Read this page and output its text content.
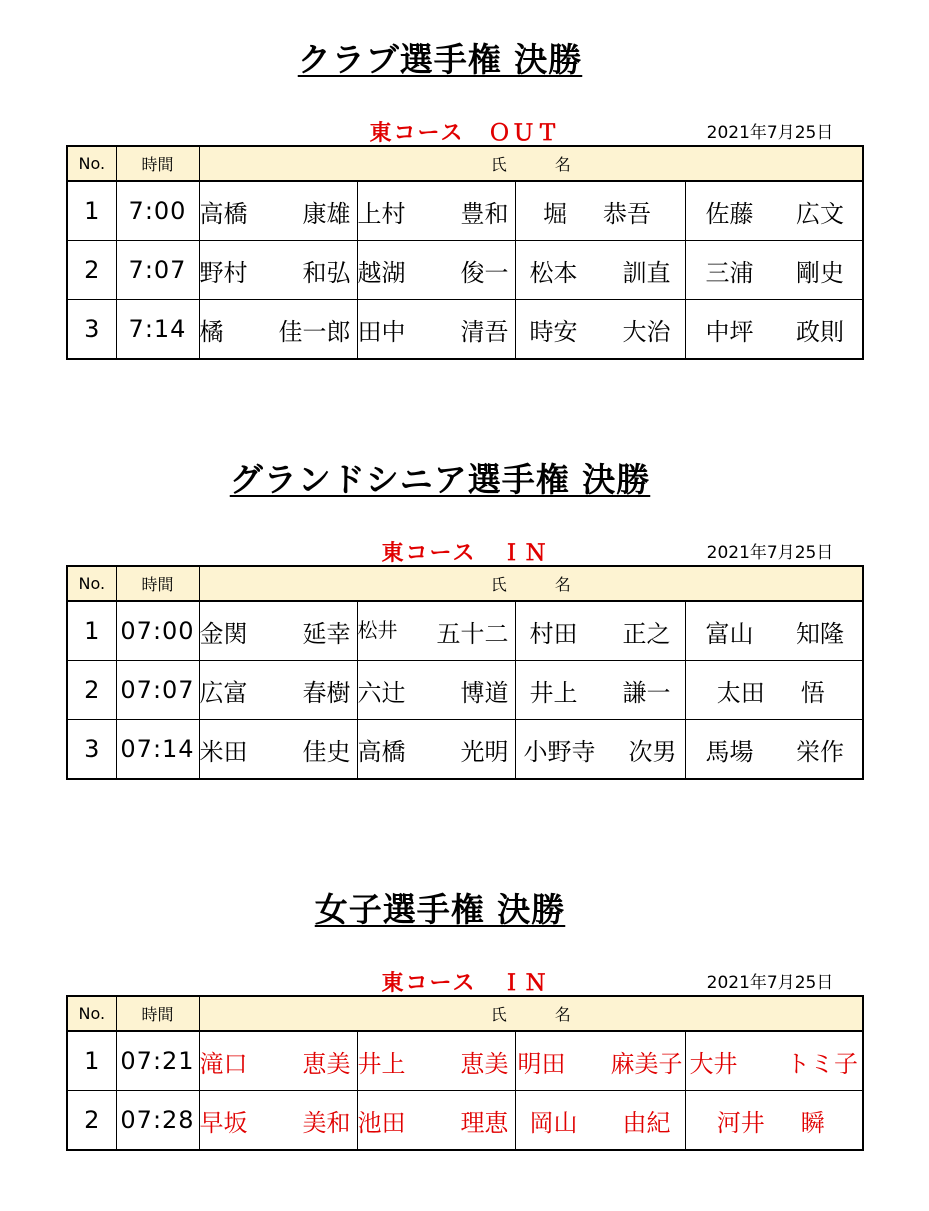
クラブ選手権 決勝
東コース　ＯＵＴ	2021年7月25日
No.	時間	氏　　　名			
1	7:00	高橋 康雄	上村 豊和	堀 恭吾	佐藤 広文

2	7:07	野村 和弘	越湖 俊一	松本 訓直	三浦 剛史

3	7:14	橘 佳一郎	田中 清吾	時安 大治	中坪 政則
グランドシニア選手権 決勝
東コース　ＩＮ	2021年7月25日
No.	時間	氏　　　名			
1	07:00	金関 延幸	松井 五十二	村田 正之	富山 知隆

2	07:07	広富 春樹	六辻 博道	井上 謙一	太田 悟

3	07:14	米田 佳史	高橋 光明	小野寺 次男	馬場 栄作
女子選手権 決勝
東コース　ＩＮ	2021年7月25日
No.	時間	氏　　　名			
1	07:21	滝口 恵美	井上 恵美	明田 麻美子	大井 トミ子

2	07:28	早坂 美和	池田 理恵	岡山 由紀	河井 瞬
